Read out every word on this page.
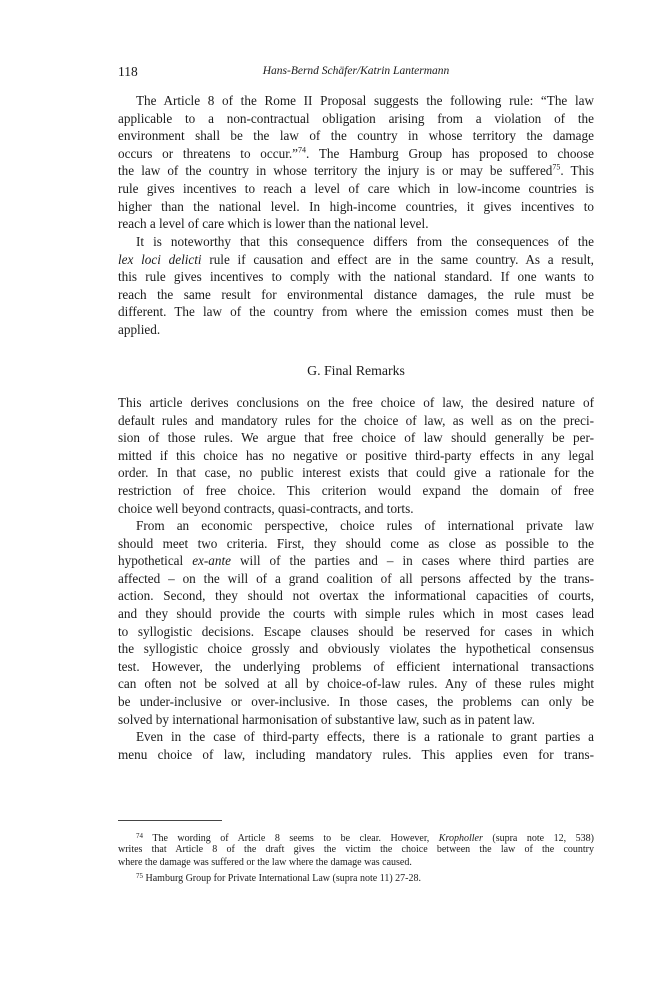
118	Hans-Bernd Schäfer/Katrin Lantermann
The Article 8 of the Rome II Proposal suggests the following rule: “The law
applicable to a non-contractual obligation arising from a violation of the
environment shall be the law of the country in whose territory the damage
occurs or threatens to occur.”$^{74}$. The Hamburg Group has proposed to choose
the law of the country in whose territory the injury is or may be suffered$^{75}$. This
rule gives incentives to reach a level of care which in low-income countries is
higher than the national level. In high-income countries, it gives incentives to
reach a level of care which is lower than the national level.
It is noteworthy that this consequence differs from the consequences of the
lex loci delicti rule if causation and effect are in the same country. As a result,
this rule gives incentives to comply with the national standard. If one wants to
reach the same result for environmental distance damages, the rule must be
different. The law of the country from where the emission comes must then be
applied.
G. Final Remarks
This article derives conclusions on the free choice of law, the desired nature of
default rules and mandatory rules for the choice of law, as well as on the preci-
sion of those rules. We argue that free choice of law should generally be per-
mitted if this choice has no negative or positive third-party effects in any legal
order. In that case, no public interest exists that could give a rationale for the
restriction of free choice. This criterion would expand the domain of free
choice well beyond contracts, quasi-contracts, and torts.
From an economic perspective, choice rules of international private law
should meet two criteria. First, they should come as close as possible to the
hypothetical ex-ante will of the parties and – in cases where third parties are
affected – on the will of a grand coalition of all persons affected by the trans-
action. Second, they should not overtax the informational capacities of courts,
and they should provide the courts with simple rules which in most cases lead
to syllogistic decisions. Escape clauses should be reserved for cases in which
the syllogistic choice grossly and obviously violates the hypothetical consensus
test. However, the underlying problems of efficient international transactions
can often not be solved at all by choice-of-law rules. Any of these rules might
be under-inclusive or over-inclusive. In those cases, the problems can only be
solved by international harmonisation of substantive law, such as in patent law.
Even in the case of third-party effects, there is a rationale to grant parties a
menu choice of law, including mandatory rules. This applies even for trans-
$^{74}$ The wording of Article 8 seems to be clear. However, Kropholler (supra note 12, 538)
writes that Article 8 of the draft gives the victim the choice between the law of the country
where the damage was suffered or the law where the damage was caused.
$^{75}$ Hamburg Group for Private International Law (supra note 11) 27-28.
